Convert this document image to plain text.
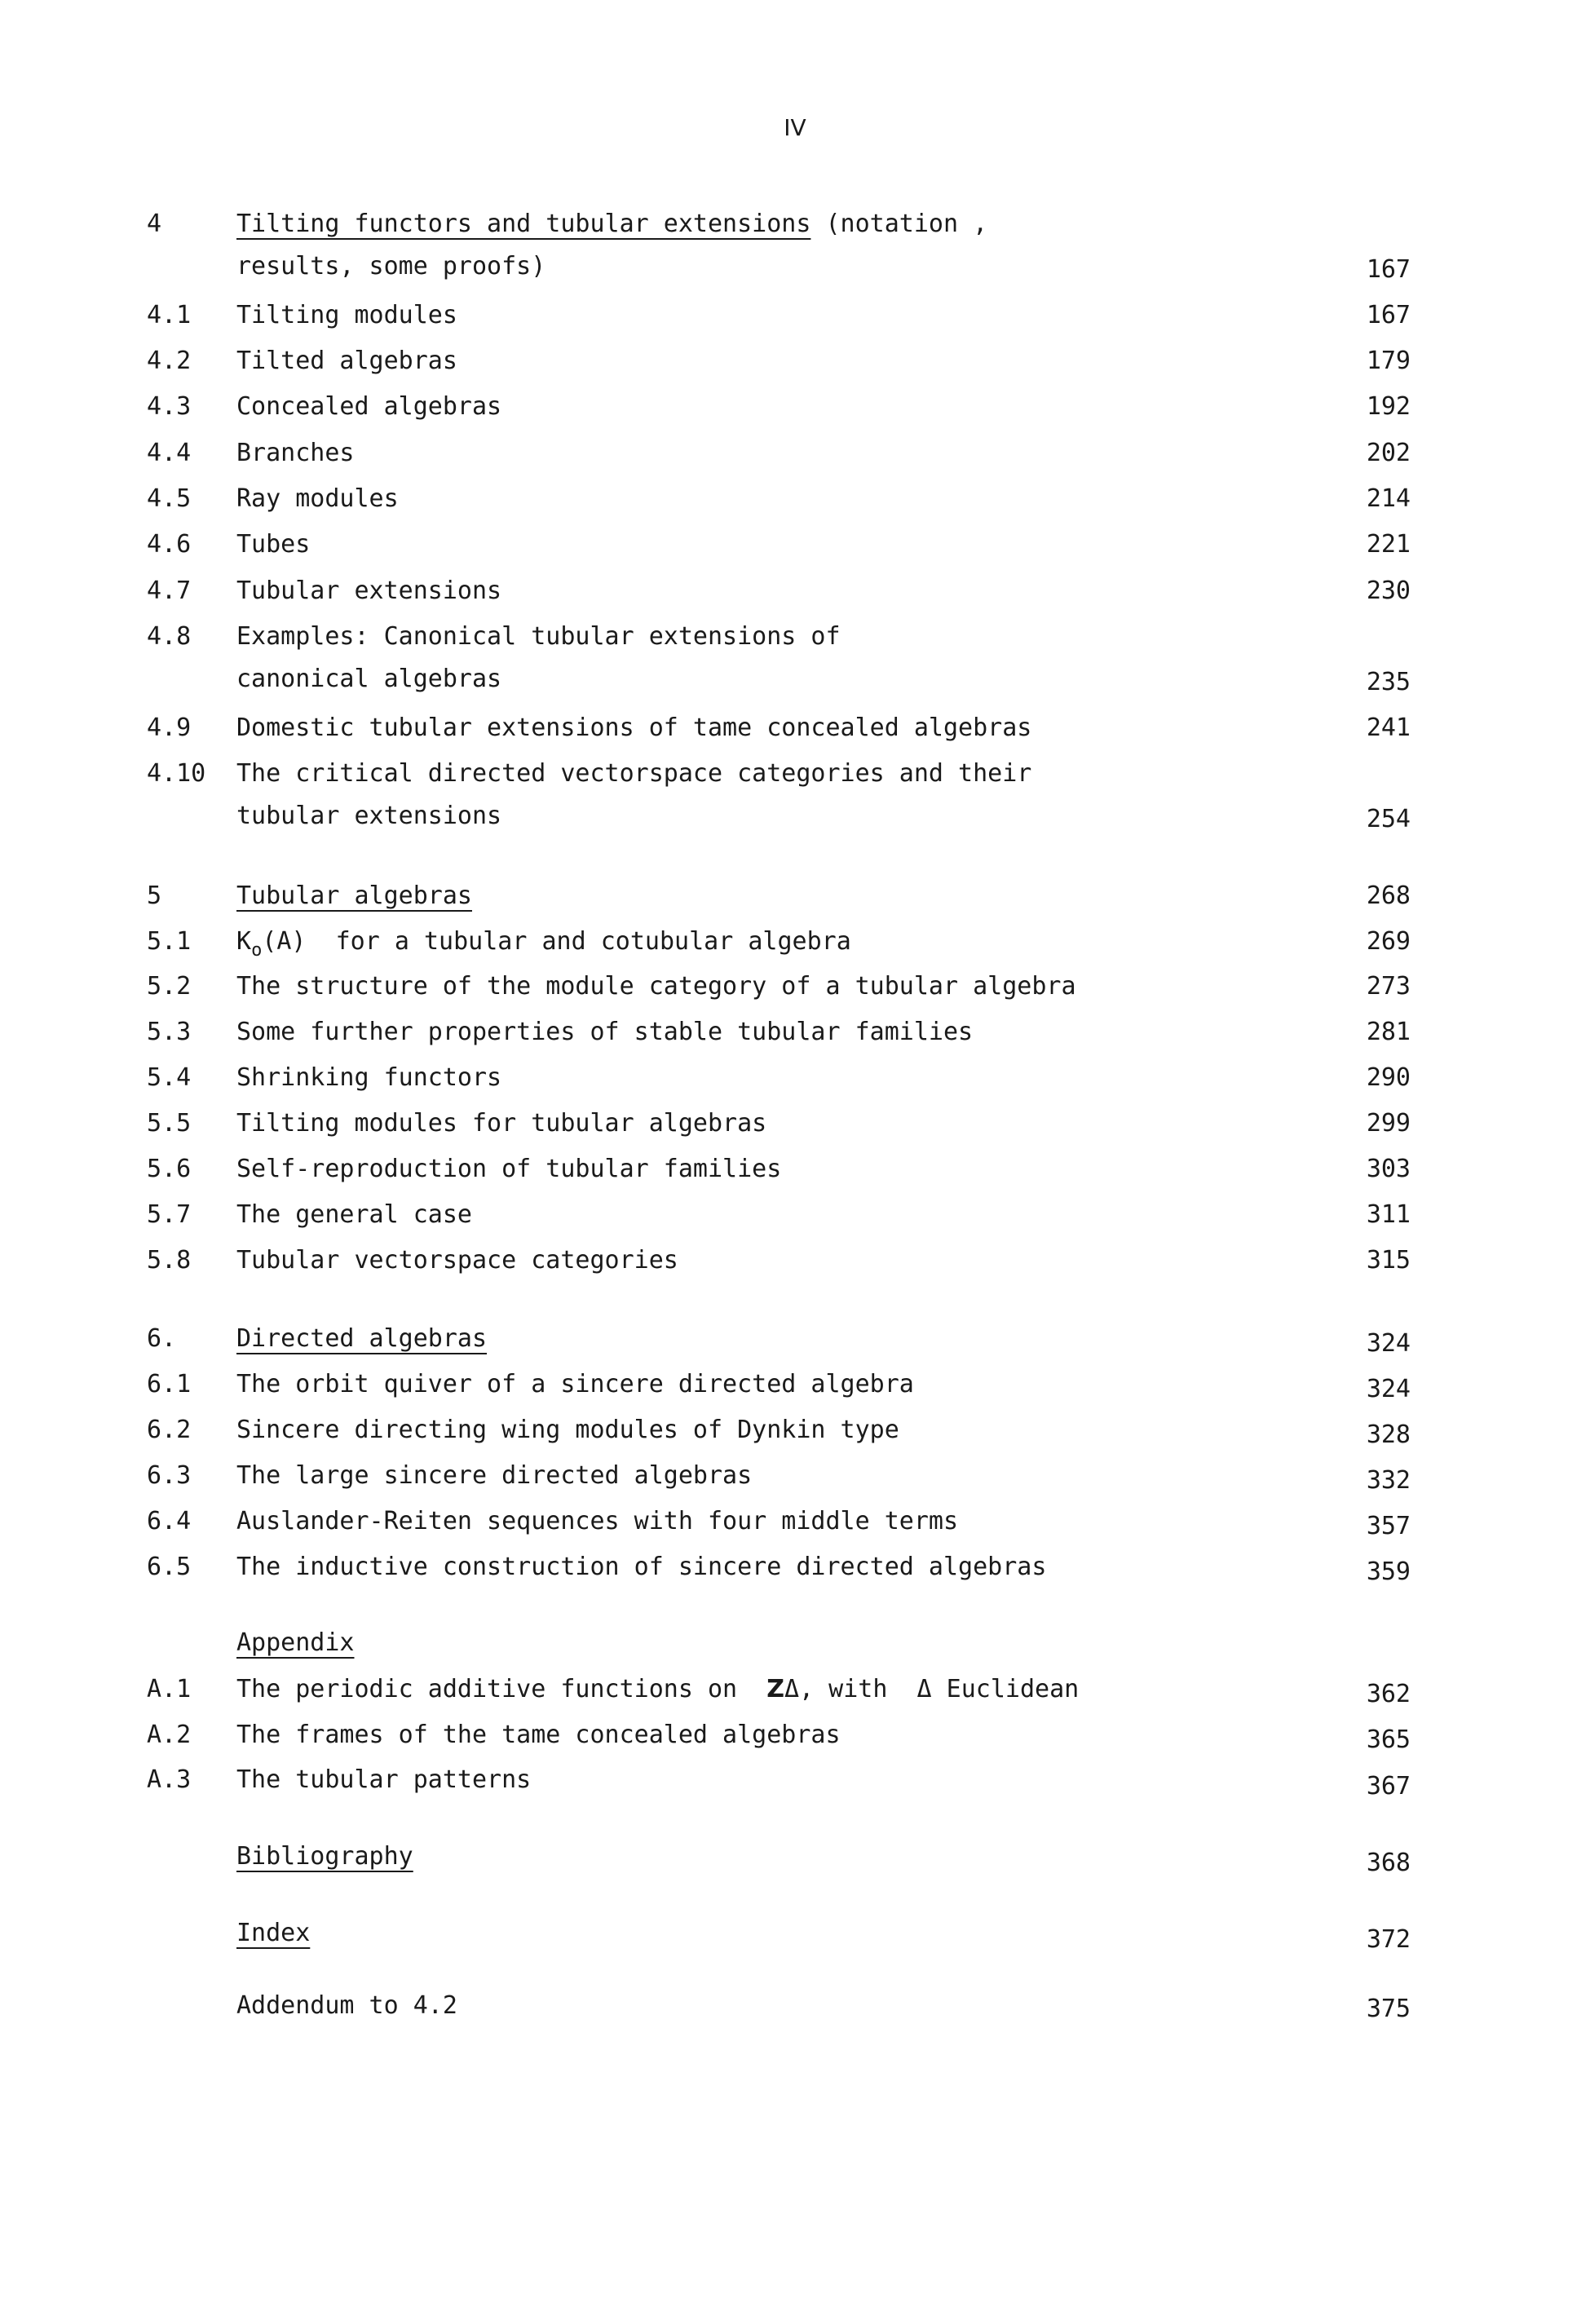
IV
4	Tilting functors and tubular extensions (notation ,
results, some proofs)	167
4.1 Tilting modules	167
4.2 Tilted algebras	179
4.3 Concealed algebras	192
4.4 Branches	202
4.5 Ray modules	214
4.6 Tubes	221
4.7 Tubular extensions	230
4.8 Examples: Canonical tubular extensions of
canonical algebras	235
4.9 Domestic tubular extensions of tame concealed algebras	241
4.10 The critical directed vectorspace categories and their
tubular extensions	254
5	Tubular algebras	268
5.1 $K_o(A)$  for a tubular and cotubular algebra	269
5.2 The structure of the module category of a tubular algebra	273
5.3 Some further properties of stable tubular families	281
5.4 Shrinking functors	290
5.5 Tilting modules for tubular algebras	299
5.6 Self-reproduction of tubular families	303
5.7 The general case	311
5.8 Tubular vectorspace categories	315
6. Directed algebras	324
6.1 The orbit quiver of a sincere directed algebra	324
6.2 Sincere directing wing modules of Dynkin type	328
6.3 The large sincere directed algebras	332
6.4 Auslander-Reiten sequences with four middle terms	357
6.5 The inductive construction of sincere directed algebras	359
Appendix
A.1 The periodic additive functions on  ZΔ, with  Δ Euclidean	362
A.2 The frames of the tame concealed algebras	365
A.3 The tubular patterns	367
Bibliography	368
Index	372
Addendum to 4.2	375
